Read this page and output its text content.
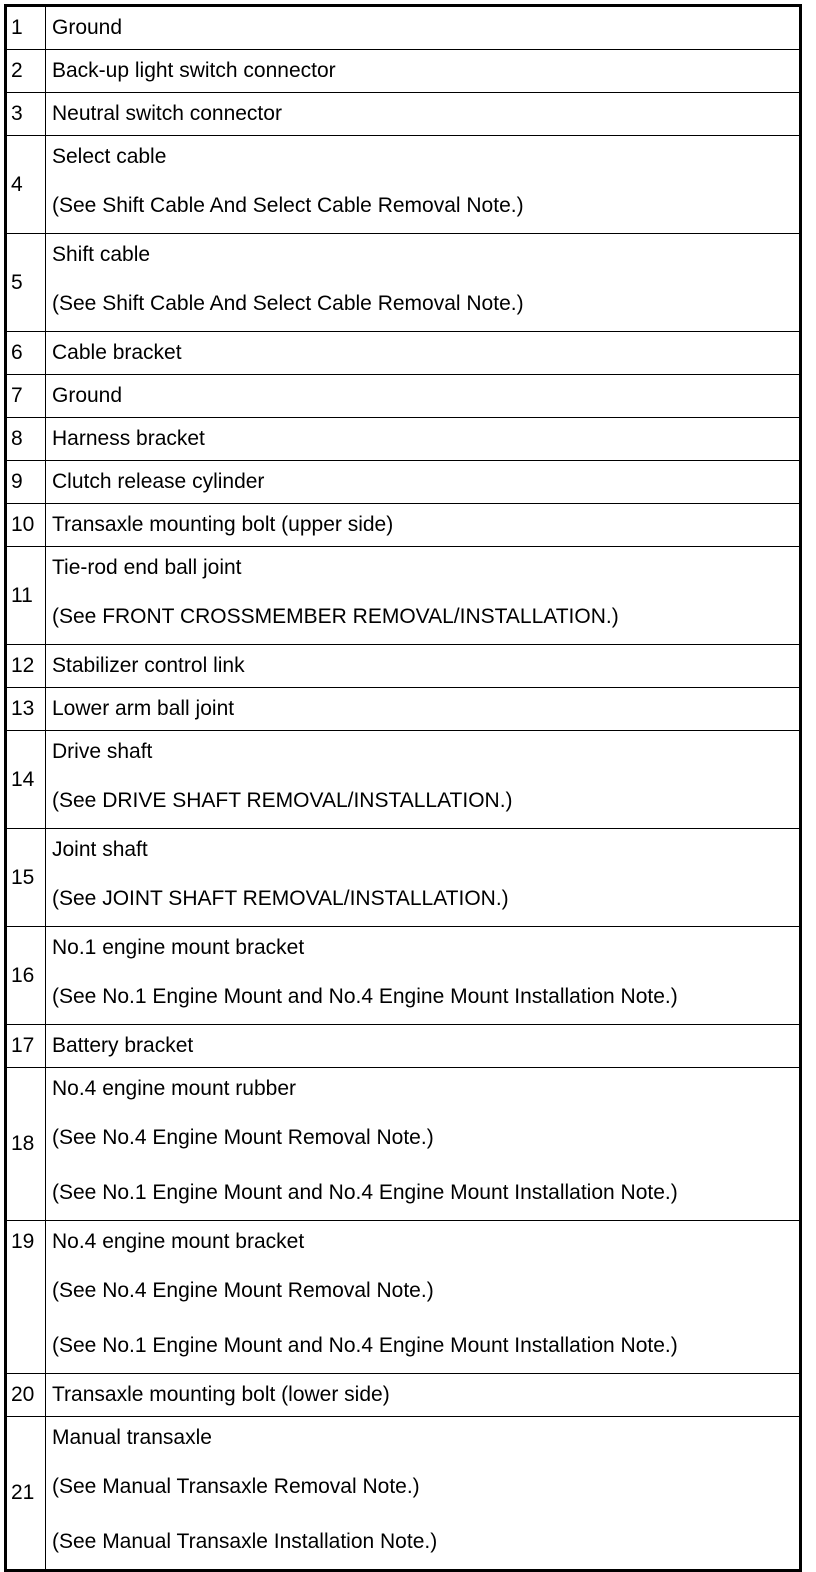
1	Ground

2	Back-up light switch connector

3	Neutral switch connector

4	Select cable
(See Shift Cable And Select Cable Removal Note.)

5	Shift cable
(See Shift Cable And Select Cable Removal Note.)

6	Cable bracket

7	Ground

8	Harness bracket

9	Clutch release cylinder

10	Transaxle mounting bolt (upper side)

11	Tie-rod end ball joint
(See FRONT CROSSMEMBER REMOVAL/INSTALLATION.)

12	Stabilizer control link

13	Lower arm ball joint

14	Drive shaft
(See DRIVE SHAFT REMOVAL/INSTALLATION.)

15	Joint shaft
(See JOINT SHAFT REMOVAL/INSTALLATION.)

16	No.1 engine mount bracket
(See No.1 Engine Mount and No.4 Engine Mount Installation Note.)

17	Battery bracket

18	No.4 engine mount rubber
(See No.4 Engine Mount Removal Note.)
(See No.1 Engine Mount and No.4 Engine Mount Installation Note.)

19	No.4 engine mount bracket
(See No.4 Engine Mount Removal Note.)
(See No.1 Engine Mount and No.4 Engine Mount Installation Note.)

20	Transaxle mounting bolt (lower side)

21	Manual transaxle
(See Manual Transaxle Removal Note.)
(See Manual Transaxle Installation Note.)
